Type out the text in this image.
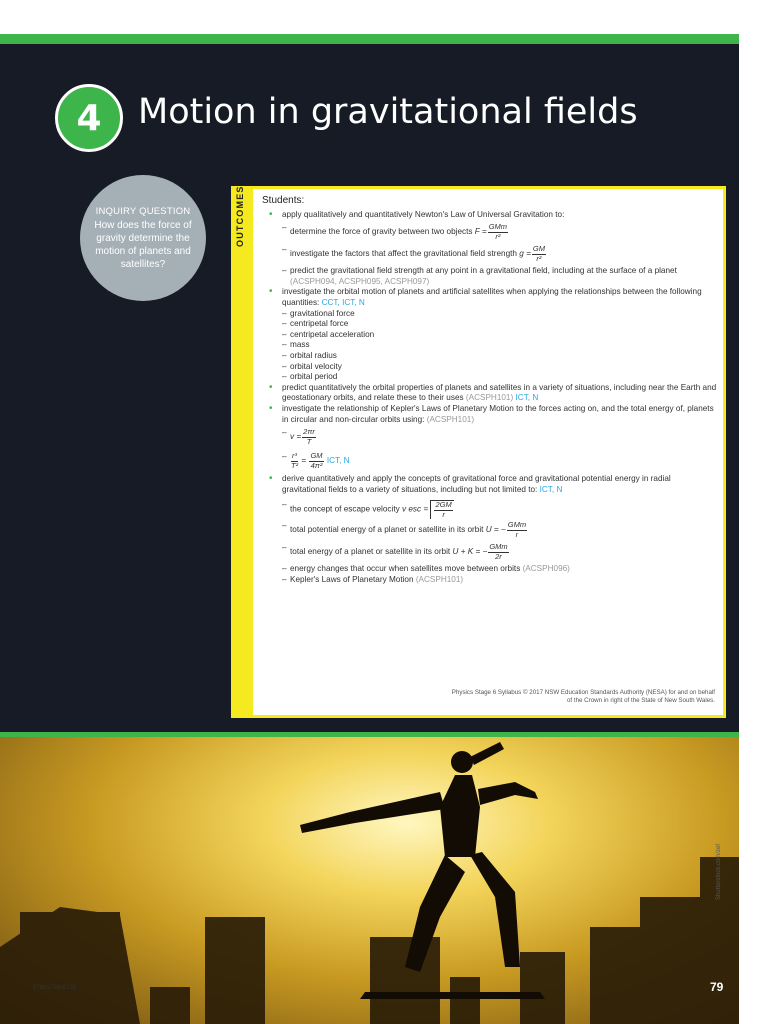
4	Motion in gravitational fields
INQUIRY QUESTION
How does the force of gravity determine the motion of planets and satellites?
OUTCOMES Students:
• apply qualitatively and quantitatively Newton's Law of Universal Gravitation to:
– determine the force of gravity between two objects $F = \frac{\text{GMm}}{\text{r²}}$
– investigate the factors that affect the gravitational field strength $g = \frac{GM}{\text{r²}}$
– predict the gravitational field strength at any point in a gravitational field, including at the surface of a planet (ACSPH094, ACSPH095, ACSPH097)
• investigate the orbital motion of planets and artificial satellites when applying the relationships between the following quantities: CCT, ICT, N
– gravitational force
– centripetal force
– centripetal acceleration
– mass
– orbital radius
– orbital velocity
– orbital period
• predict quantitatively the orbital properties of planets and satellites in a variety of situations, including near the Earth and geostationary orbits, and relate these to their uses (ACSPH101) ICT, N
• investigate the relationship of Kepler's Laws of Planetary Motion to the forces acting on, and the total energy of, planets in circular and non-circular orbits using: (ACSPH101)
– $v = \frac{2\pi r}{T}$
– $\frac{\text{r³}}{\text{T²}} = \frac{GM}{\text{4π²}}$ ICT, N
• derive quantitatively and apply the concepts of gravitational force and gravitational potential energy in radial gravitational fields to a variety of situations, including but not limited to: ICT, N
– the concept of escape velocity v esc = $\frac{2GM}{r}$
– total potential energy of a planet or satellite in its orbit U = − $\frac{\text{GMm}}{r}$
– total energy of a planet or satellite in its orbit U + K = − $\frac{\text{GMm}}{2r}$
– energy changes that occur when satellites move between orbits (ACSPH096)
– Kepler's Laws of Planetary Motion (ACSPH101)
Physics Stage 6 Syllabus © 2017 NSW Education Standards Authority (NESA) for and on behalf of the Crown in right of the State of New South Wales.
9780170409131
Shutterstock.com/zef
79
